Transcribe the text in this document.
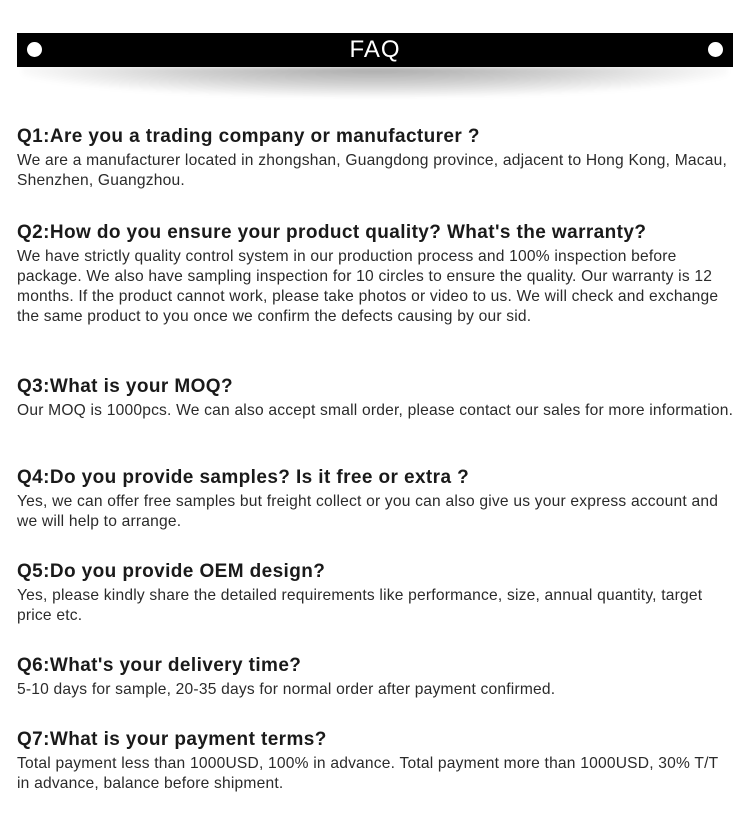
FAQ
Q1:Are you a trading company or manufacturer ?
We are a manufacturer located in zhongshan, Guangdong province, adjacent to Hong Kong, Macau, Shenzhen, Guangzhou.
Q2:How do you ensure your product quality? What's the warranty?
We have strictly quality control system in our production process and 100% inspection before package. We also have sampling inspection for 10 circles to ensure the quality. Our warranty is 12 months. If the product cannot work, please take photos or video to us. We will check and exchange the same product to you once we confirm the defects causing by our sid.
Q3:What is your MOQ?
Our MOQ is 1000pcs. We can also accept small order, please contact our sales for more information.
Q4:Do you provide samples? Is it free or extra ?
Yes, we can offer free samples but freight collect or you can also give us your express account and we will help to arrange.
Q5:Do you provide OEM design?
Yes, please kindly share the detailed requirements like performance, size, annual quantity, target price etc.
Q6:What's your delivery time?
5-10 days for sample, 20-35 days for normal order after payment confirmed.
Q7:What is your payment terms?
Total payment less than 1000USD, 100% in advance. Total payment more than 1000USD, 30% T/T in advance, balance before shipment.
